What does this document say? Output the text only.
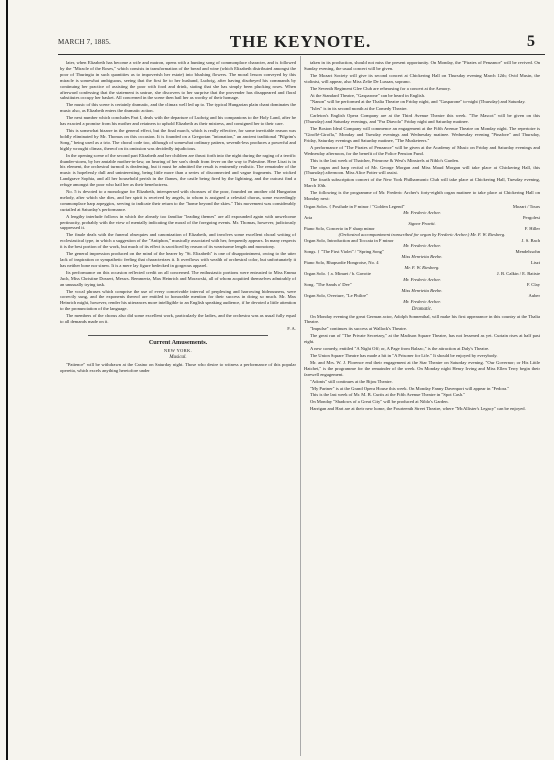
MARCH 7, 1885.	THE KEYNOTE.	5

later, when Elizabeth has become a wife and matron, opens with a hunting song of commonplace character, and is followed by the "Miracle of the Roses," which consists in transformation of the bread and wine (which Elizabeth distributed amongst the poor of Thuringia in such quantities as to impoverish her estate) into blushing flowers. The moral lesson conveyed by this miracle is somewhat ambiguous, seeing that the first lie to her husband, Ludwig, after having disobeyed his commands by continuing her practice of assisting the poor with food and drink, stating that she has simply been plucking roses. When afterward confessing that the statement is untrue, she discovers to her surprise that the provender has disappeared and floral substitutes occupy her basket. All concerned in the scene then hail her as worthy of their homage.

The music of this scene is certainly dramatic, and the climax well led up to. The typical Hungarian plain chant dominates the music also, as Elizabeth enters the dramatic action.

The next number which concludes Part I, deals with the departure of Ludwig and his companions to the Holy Land, after he has exacted a promise from his mother and retainers to uphold Elizabeth as their mistress, and consigned her to their care.

This is somewhat bizarre in the general effect, but the final march, which is really effective, for some inevitable reason was boldly eliminated by Mr. Thomas on this occasion. It is founded on a Gregorian "intonation," an ancient traditional "Pilgrim's Song," being used as a trio. The choral code too, although of somewhat ordinary pattern, seventh-less produces a powerful and highly wrought climax, thereof on its omission was decidedly injudicious.

In the opening scene of the second part Elizabeth and her children are thrust forth into the night during the raging of a terrific thunder-storm, by her amiable mother-in-law, on hearing of her son's death from fever on the way to Palestine. Here Liszt is in his element, the orchestral turmoil is deafening, but it must be admitted the result is eminently realistic. The remainder of the music is hopelessly dull and uninteresting, being little more than a series of disconnected and vague fragments. The wicked Landgrave Sophia, and all her household perish in the flames, the castle being fired by the lightning, and the outcast find a refuge amongst the poor who hail her as their benefactress.

No. 5 is devoted to a monologue for Elizabeth, interspersed with choruses of the poor, founded on another old Hungarian melody, after which she dies, and her spirit is received by angels, to whom is assigned a celestial chorus, some exceedingly commonplace harp arpeggios, serving to indicate their return to the "home beyond the skies." This movement was considerably curtailed at Saturday's performance.

A lengthy interlude follows in which the already too familiar "leading themes" are all expounded again with unwelcome pertinacity, probably with the view of mentally indicating the moral of the foregoing events. Mr. Thomas, however, judiciously suppressed it.

The finale deals with the funeral obsequies and canonization of Elizabeth, and involves some excellent choral writing of ecclesiastical type, in which a suggestion of the "Antiphon," musically associated with her, frequently appears. In many respects it is the best portion of the work, but much of its effect is sacrificed by reason of its wearisome length and monotony.

The general impression produced on the mind of the hearer by "St. Elizabeth" is one of disappointment, owing to the utter lack of inspiration or sympathetic feeling that characterizes it. It overflows with wealth of orchestral color, but unfortunately it has neither bone nor sinew. It is a mere lay figure bedecked in gorgeous apparel.

Its performance on this occasion reflected credit on all concerned. The enthusiastic portions were entrusted to Miss Emma Juch, Miss Christine Dossert, Messrs. Remmertz, Max Heinrich and Morawski, all of whom acquitted themselves admirably of an unusually trying task.

The vocal phrases which comprise the use of every conceivable interval of perplexing and harrowing hideousness, were correctly sung, and the exponents thereof are entitled to honorable mention for their success in doing so much. Mr. Max Heinrich might, however, render his utterances more intelligible to an English speaking audience, if he devoted a little attention to the pronunciation of the language.

The members of the chorus also did some excellent work, particularly the ladies, and the orchestra was as usual fully equal to all demands made on it.

F. A.

Current Amusements.
NEW YORK.
Musical.

"Patience" will be withdrawn at the Casino on Saturday night. Those who desire to witness a performance of this popular operetta, which excels anything heretofore under

taken in its production, should not miss the present opportunity. On Monday, the "Pirates of Penzance" will be revived. On Sunday evening, the usual concert will be given.

The Mozart Society will give its second concert at Chickering Hall on Thursday evening March 12th; Ovid Musin, the violinist, will appear, also Miss Zelie De Lussan, soprano.

The Seventh Regiment Glee Club are rehearsing for a concert at the Armory.

At the Standard Theatre, "Gasparone" can be heard in English.

"Nanon" will be performed at the Thalia Theatre on Friday night, and "Gasparone" to-night (Thursday) and Saturday.

"Isles" is in its second month at the Comedy Theatre.

Carleton's English Opera Company are at the Third Avenue Theatre this week. "The Mascot" will be given on this (Thursday) and Saturday evenings, and "Fra Diavolo" Friday night and Saturday matinee.

The Boston Ideal Company will commence an engagement at the Fifth Avenue Theatre on Monday night. The repertoire is "Giroflé-Girofla," Monday and Tuesday evenings and Wednesday matinee. Wednesday evening "Pinafore" and Thursday, Friday, Saturday evenings and Saturday matinee, "The Musketeers."

A performance of "The Pirates of Penzance" will be given at the Academy of Music on Friday and Saturday evenings and Wednesday afternoon, for the benefit of the Police Pension Fund.

This is the last week of Thatcher, Primrose & West's Minstrels at Niblo's Garden.

The organ and harp recital of Mr. George Morgan and Miss Maud Morgan will take place at Chickering Hall, this (Thursday) afternoon. Miss Alice Potter will assist.

The fourth subscription concert of the New York Philharmonic Club will take place at Chickering Hall, Tuesday evening, March 10th.

The following is the programme of Mr. Frederic Archer's forty-eighth organ matinee to take place at Chickering Hall on Monday next:

Organ Solos. { Postlude in F minor / "Golden Legend"	Mozart / Tours
Mr. Frederic Archer.
Aria	Pergolesi
Signor Praetti.
Piano Solo, Concerto in F sharp minor	F. Hiller
(Orchestral accompaniment transcribed for organ by Frederic Archer.) Mr. F. W. Riesberg.
Organ Solo, Introduction and Toccata in F minor	J. S. Bach
Mr. Frederic Archer.
Songs. { "The First Violet" / "Spring Song"	Mendelssohn
Miss Henrietta Beebe.
Piano Solo, Rhapsodie Hongroise, No. 4	Liszt
Mr. F. W. Riesberg.
Organ Solo. { a. Minuet / b. Gavotte	J. B. Calkin / E. Batiste
Mr. Frederic Archer.
Song. "The Sands o' Dee"	F. Clay
Miss Henrietta Beebe.
Organ Solo, Overture, "Le Philtre"	Auber
Mr. Frederic Archer.
Dramatic.

On Monday evening the great German actor, Adolph Sonnenthal, will make his first appearance in this country at the Thalia Theatre.

"Impulse" continues its success at Wallack's Theatre.

The great run of "The Private Secretary," at the Madison Square Theatre, has not lessened as yet. Curtain rises at half past eight.

A new comedy, entitled "A Night Off; or, A Page from Balzac," is the attraction at Daly's Theatre.

The Union Square Theatre has made a hit in "A Prisoner for Life." It should be enjoyed by everybody.

Mr. and Mrs. W. J. Florence end their engagement at the Star Theatre on Saturday evening. "Our Governor; or His Little Hatchet," is the programme for the remainder of the week. On Monday night Henry Irving and Miss Ellen Terry begin their farewell engagement.

"Adonis" still continues at the Bijou Theatre.

"My Partner" is at the Grand Opera House this week. On Monday Fanny Davenport will appear in "Fedora."

This is the last week of Mr. M. B. Curtis at the Fifth Avenue Theatre in "Spot Cash."

On Monday "Shadows of a Great City" will be produced at Niblo's Garden.

Harrigan and Hart are at their new home, the Fourteenth Street Theatre, where "McAllister's Legacy" can be enjoyed.
